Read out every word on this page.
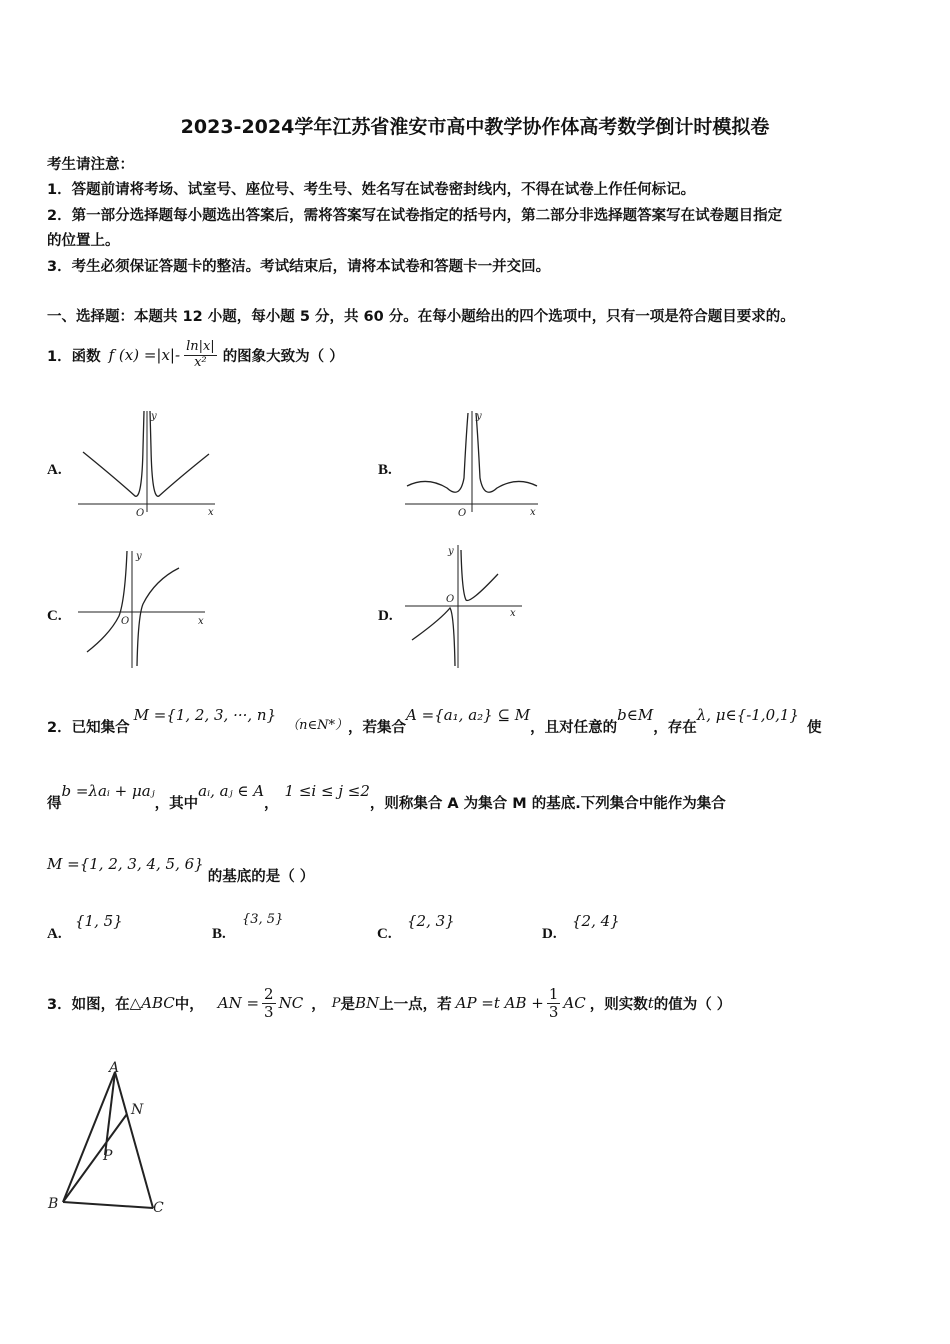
2023-2024学年江苏省淮安市高中教学协作体高考数学倒计时模拟卷
考生请注意：
1．答题前请将考场、试室号、座位号、考生号、姓名写在试卷密封线内，不得在试卷上作任何标记。
2．第一部分选择题每小题选出答案后，需将答案写在试卷指定的括号内，第二部分非选择题答案写在试卷题目指定
的位置上。
3．考生必须保证答题卡的整洁。考试结束后，请将本试卷和答题卡一并交回。
一、选择题：本题共 12 小题，每小题 5 分，共 60 分。在每小题给出的四个选项中，只有一项是符合题目要求的。
1．函数 f $(x) =|x|- \frac{\ln|x|}{\text{x²}}$ 的图象大致为（ ）
A.
y
x
O
B.
y
x
O
C.
y
x
O	D.
y
x
O
2．已知集合
M ={1, 2, 3, ···, n}
（n∈N*） ，若集合
A ={a₁, a₂} ⊆ M
，且对任意的
b∈M
，存在
λ, μ∈{-1,0,1}
使
得
b =λaᵢ + μaⱼ
，其中
aᵢ, aⱼ ∈ A
，
1 ≤i ≤ j ≤2
，则称集合 A 为集合 M 的基底.下列集合中能作为集合
M ={1, 2, 3, 4, 5, 6}
的基底的是（ ）
A.
{1, 5}
B.
{3, 5}
C.
{2, 3}
D.
{2, 4}
3．如图，在 △ABC 中， AN = $\frac{2}{3}$ NC ， P 是 BN 上一点，若 AP =t AB + $\frac{1}{3}$ AC ，则实数 t 的值为（ ）
A
N
P
B	C
